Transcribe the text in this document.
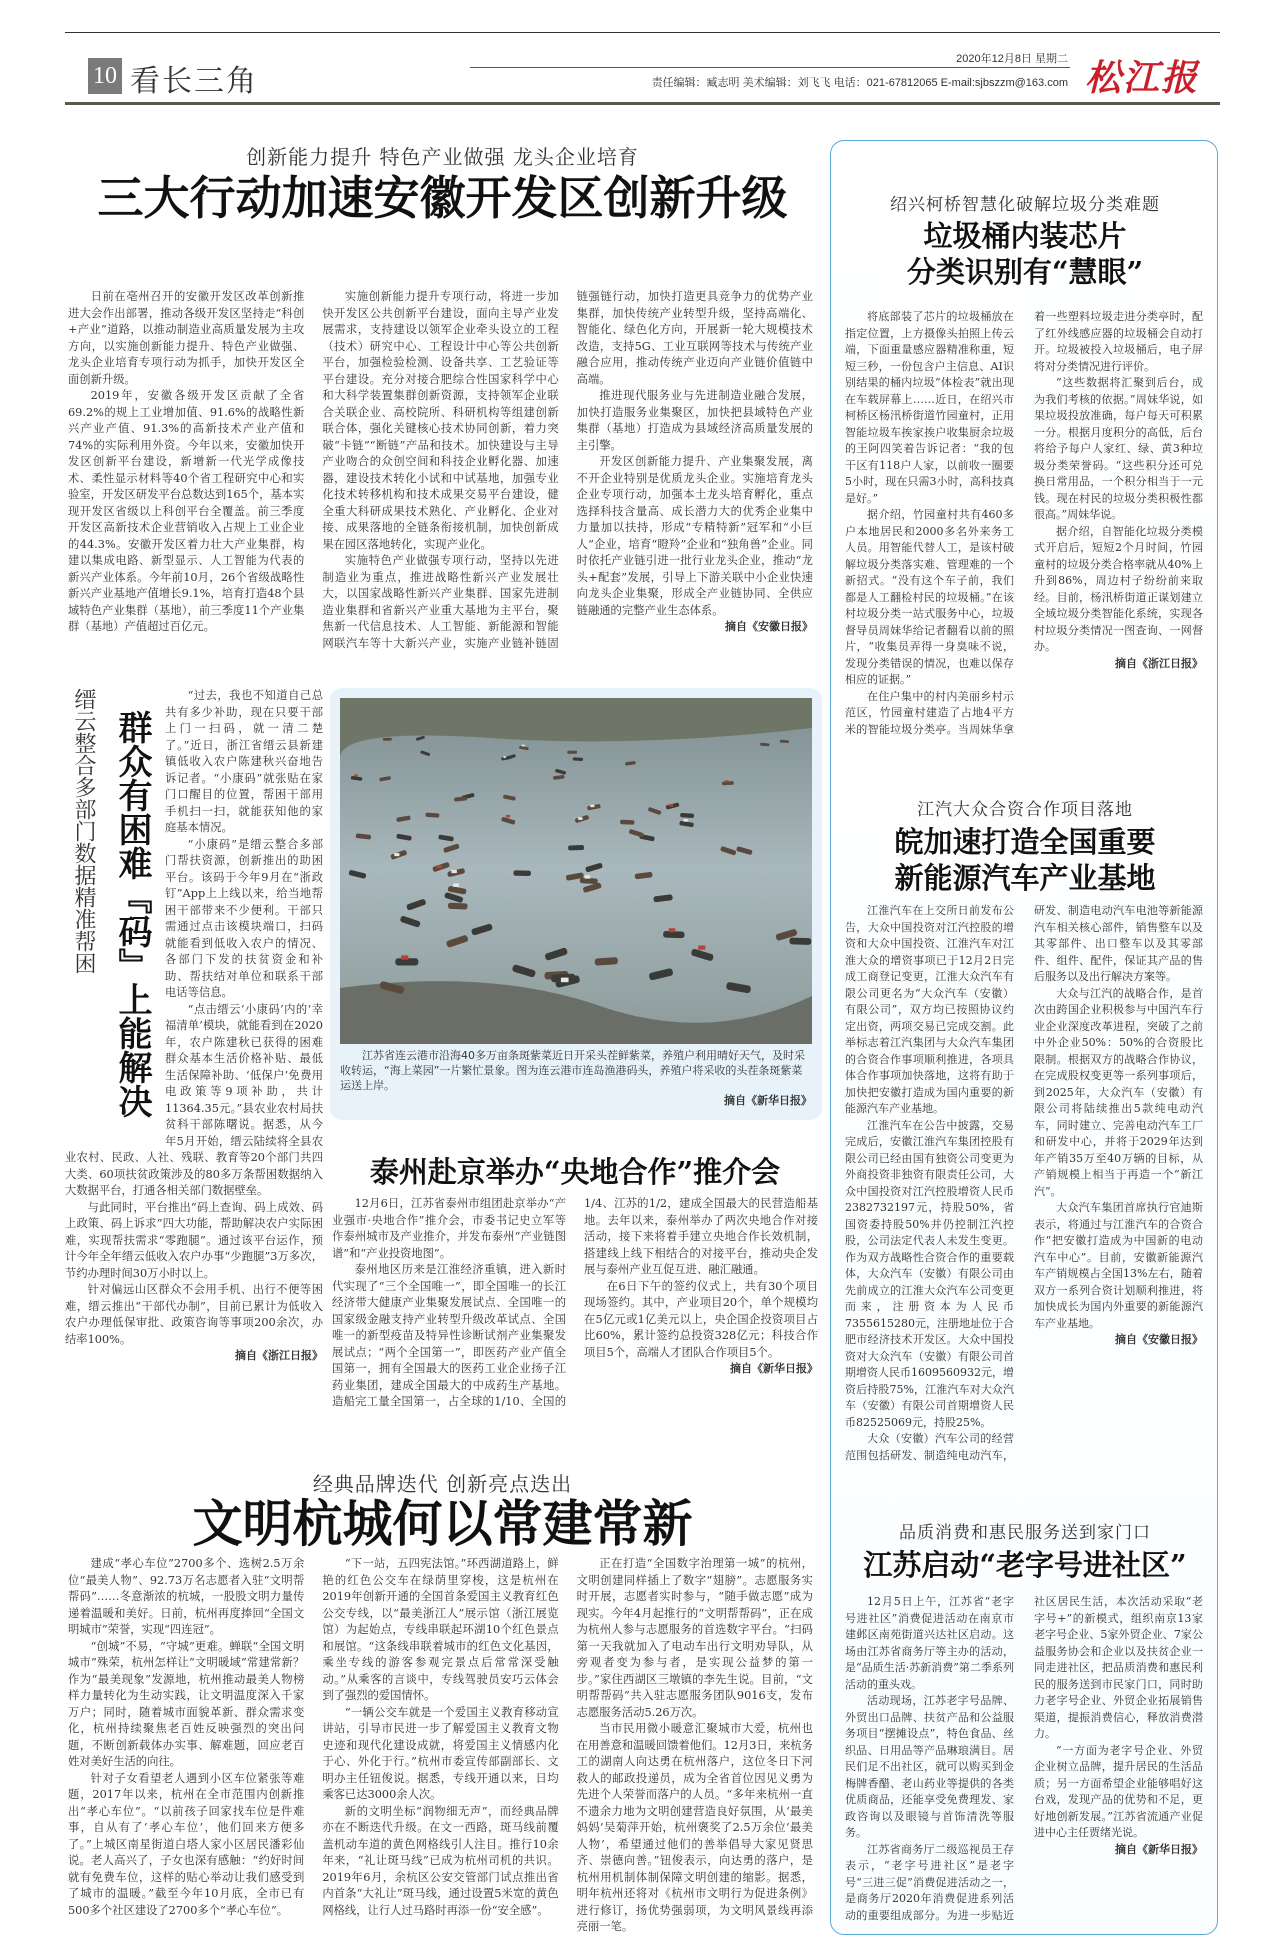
10 看长三角
2020年12月8日 星期二
责任编辑：臧志明 美术编辑：刘飞飞 电话：021-67812065 E-mail:sjbszzm@163.com 松江报
创新能力提升 特色产业做强 龙头企业培育
三大行动加速安徽开发区创新升级

日前在亳州召开的安徽开发区改革创新推进大会作出部署，推动各级开发区坚持走“科创+产业”道路，以推动制造业高质量发展为主攻方向，以实施创新能力提升、特色产业做强、龙头企业培育专项行动为抓手，加快开发区全面创新升级。

2019年，安徽各级开发区贡献了全省69.2%的规上工业增加值、91.6%的战略性新兴产业产值、91.3%的高新技术产业产值和74%的实际利用外资。今年以来，安徽加快开发区创新平台建设，新增新一代光学成像技术、柔性显示材料等40个省工程研究中心和实验室，开发区研发平台总数达到165个，基本实现开发区省级以上科创平台全覆盖。前三季度开发区高新技术企业营销收入占规上工业企业的44.3%。安徽开发区着力壮大产业集群，构建以集成电路、新型显示、人工智能为代表的新兴产业体系。今年前10月，26个省级战略性新兴产业基地产值增长9.1%，培育打造48个县域特色产业集群（基地），前三季度11个产业集群（基地）产值超过百亿元。

实施创新能力提升专项行动，将进一步加快开发区公共创新平台建设，面向主导产业发展需求，支持建设以领军企业牵头设立的工程（技术）研究中心、工程设计中心等公共创新平台，加强检验检测、设备共享、工艺验证等平台建设。充分对接合肥综合性国家科学中心和大科学装置集群创新资源，支持领军企业联合关联企业、高校院所、科研机构等组建创新联合体，强化关键核心技术协同创新，着力突破“卡链”“断链”产品和技术。加快建设与主导产业吻合的众创空间和科技企业孵化器、加速器，建设技术转化小试和中试基地，加强专业化技术转移机构和技术成果交易平台建设，健全重大科研成果技术熟化、产业孵化、企业对接、成果落地的全链条衔接机制，加快创新成果在园区落地转化，实现产业化。

实施特色产业做强专项行动，坚持以先进制造业为重点，推进战略性新兴产业发展壮大，以国家战略性新兴产业集群、国家先进制造业集群和省新兴产业重大基地为主平台，聚焦新一代信息技术、人工智能、新能源和智能网联汽车等十大新兴产业，实施产业链补链固链强链行动，加快打造更具竞争力的优势产业集群，加快传统产业转型升级，坚持高端化、智能化、绿色化方向，开展新一轮大规模技术改造，支持5G、工业互联网等技术与传统产业融合应用，推动传统产业迈向产业链价值链中高端。

推进现代服务业与先进制造业融合发展，加快打造服务业集聚区，加快把县域特色产业集群（基地）打造成为县域经济高质量发展的主引擎。

开发区创新能力提升、产业集聚发展，离不开企业特别是优质龙头企业。实施培育龙头企业专项行动，加强本土龙头培育孵化，重点选择科技含量高、成长潜力大的优秀企业集中力量加以扶持，形成“专精特新”冠军和“小巨人”企业，培育“瞪羚”企业和“独角兽”企业。同时依托产业链引进一批行业龙头企业，推动“龙头+配套”发展，引导上下游关联中小企业快速向龙头企业集聚，形成全产业链协同、全供应链融通的完整产业生态体系。

摘自《安徽日报》

缙云整合多部门数据精准帮困 群众有困难『码』上能解决

“过去，我也不知道自己总共有多少补助，现在只要干部上门一扫码，就一清二楚了。”近日，浙江省缙云县新建镇低收入农户陈建秋兴奋地告诉记者。“小康码”就张贴在家门口醒目的位置，帮困干部用手机扫一扫，就能获知他的家庭基本情况。

“小康码”是缙云整合多部门帮扶资源，创新推出的助困平台。该码于今年9月在“浙政钉”App上上线以来，给当地帮困干部带来不少便利。干部只需通过点击该模块端口，扫码就能看到低收入农户的情况、各部门下发的扶贫资金和补助、帮扶结对单位和联系干部电话等信息。

“点击缙云‘小康码’内的‘幸福清单’模块，就能看到在2020年，农户陈建秋已获得的困难群众基本生活价格补贴、最低生活保障补助、‘低保户’免费用电政策等9项补助，共计11364.35元。”县农业农村局扶贫科干部陈曙说。据悉，从今年5月开始，缙云陆续将全县农业农村、民政、人社、残联、教育等20个部门共四大类、60项扶贫政策涉及的80多万条帮困数据纳入大数据平台，打通各相关部门数据壁垒。

与此同时，平台推出“码上查询、码上成效、码上政策、码上诉求”四大功能，帮助解决农户实际困难，实现帮扶需求“零跑腿”。通过该平台运作，预计今年全年缙云低收入农户办事“少跑腿”3万多次，节约办理时间30万小时以上。

针对偏远山区群众不会用手机、出行不便等困难，缙云推出“干部代办制”，目前已累计为低收入农户办理低保审批、政策咨询等事项200余次，办结率100%。

摘自《浙江日报》

江苏省连云港市沿海40多万亩条斑紫菜近日开采头茬鲜紫菜，养殖户利用晴好天气，及时采收转运，“海上菜园”一片繁忙景象。图为连云港市连岛渔港码头，养殖户将采收的头茬条斑紫菜运送上岸。
摘自《新华日报》
泰州赴京举办“央地合作”推介会

12月6日，江苏省泰州市组团赴京举办“产业强市·央地合作”推介会，市委书记史立军等作泰州城市及产业推介，并发布泰州“产业链图谱”和“产业投资地图”。

泰州地区历来是江淮经济重镇，进入新时代实现了“三个全国唯一”，即全国唯一的长江经济带大健康产业集聚发展试点、全国唯一的国家级金融支持产业转型升级改革试点、全国唯一的新型疫苗及特异性诊断试剂产业集聚发展试点；“两个全国第一”，即医药产业产值全国第一，拥有全国最大的医药工业企业扬子江药业集团，建成全国最大的中成药生产基地。造船完工量全国第一，占全球的1/10、全国的1/4、江苏的1/2，建成全国最大的民营造船基地。去年以来，泰州举办了两次央地合作对接活动，接下来将着手建立央地合作长效机制，搭建线上线下相结合的对接平台，推动央企发展与泰州产业互促互进、融汇融通。

在6日下午的签约仪式上，共有30个项目现场签约。其中，产业项目20个，单个规模均在5亿元或1亿美元以上，央企国企投资项目占比60%，累计签约总投资328亿元；科技合作项目5个，高端人才团队合作项目5个。

摘自《新华日报》

经典品牌迭代 创新亮点迭出
文明杭城何以常建常新

建成“孝心车位”2700多个、选树2.5万余位“最美人物”、92.73万名志愿者入驻“文明帮帮码”……冬意渐浓的杭城，一股股文明力量传递着温暖和美好。日前，杭州再度捧回“全国文明城市”荣誉，实现“四连冠”。

“创城”不易，“守城”更难。蝉联“全国文明城市”殊荣，杭州怎样让“文明暖域”常建常新？作为“最美现象”发源地，杭州推动最美人物榜样力量转化为生动实践，让文明温度深入千家万户；同时，随着城市面貌革新、群众需求变化，杭州持续聚焦老百姓反映强烈的突出问题，不断创新载体办实事、解难题，回应老百姓对美好生活的向往。

针对子女看望老人遇到小区车位紧张等难题，2017年以来，杭州在全市范围内创新推出“孝心车位”。“以前孩子回家找车位是件难事，自从有了‘孝心车位’，他们回来方便多了。”上城区南星街道白塔人家小区居民潘彩仙说。老人高兴了，子女也深有感触：“约好时间就有免费车位，这样的贴心举动让我们感受到了城市的温暖。”截至今年10月底，全市已有500多个社区建设了2700多个“孝心车位”。

“下一站，五四宪法馆。”环西湖道路上，鲜艳的红色公交车在绿荫里穿梭，这是杭州在2019年创新开通的全国首条爱国主义教育红色公交专线，以“最美浙江人”展示馆（浙江展览馆）为起始点，专线串联起环湖10个红色景点和展馆。“这条线串联着城市的红色文化基因，乘坐专线的游客参观完景点后常常深受触动。”从乘客的言谈中，专线驾驶员安巧云体会到了强烈的爱国情怀。

“一辆公交车就是一个爱国主义教育移动宣讲站，引导市民进一步了解爱国主义教育文物史迹和现代化建设成就，将爱国主义情感内化于心、外化于行。”杭州市委宣传部副部长、文明办主任钮俊说。据悉，专线开通以来，日均乘客已达3000余人次。

新的文明坐标“润物细无声”，而经典品牌亦在不断迭代升级。在文一西路，斑马线前覆盖机动车道的黄色网格线引人注目。推行10余年来，“礼让斑马线”已成为杭州司机的共识。2019年6月，余杭区公安交管部门试点推出省内首条“大礼让”斑马线，通过设置5米宽的黄色网格线，让行人过马路时再添一份“安全感”。

正在打造“全国数字治理第一城”的杭州，文明创建同样插上了数字“翅膀”。志愿服务实时开展，志愿者实时参与，“随手做志愿”成为现实。今年4月起推行的“文明帮帮码”，正在成为杭州人参与志愿服务的首选数字平台。“扫码第一天我就加入了电动车出行文明劝导队，从旁观者变为参与者，是实现公益梦的第一步。”家住西湖区三墩镇的李先生说。目前，“文明帮帮码”共入驻志愿服务团队9016支，发布志愿服务活动5.26万次。

当市民用微小暖意汇聚城市大爱，杭州也在用善意和温暖回馈着他们。12月3日，来杭务工的湖南人向达勇在杭州落户，这位冬日下河救人的邮政投递员，成为全省首位因见义勇为先进个人荣誉而落户的人员。“多年来杭州一直不遗余力地为文明创建营造良好氛围，从‘最美妈妈’吴菊萍开始，杭州褒奖了2.5万余位‘最美人物’，希望通过他们的善举倡导大家见贤思齐、崇德向善。”钮俊表示，向达勇的落户，是杭州用机制体制保障文明创建的缩影。据悉，明年杭州还将对《杭州市文明行为促进条例》进行修订，扬优势强弱项，为文明风景线再添亮丽一笔。

绍兴柯桥智慧化破解垃圾分类难题
垃圾桶内装芯片
分类识别有“慧眼”

将底部装了芯片的垃圾桶放在指定位置，上方摄像头拍照上传云端，下面重量感应器精准称重，短短三秒，一份包含户主信息、AI识别结果的桶内垃圾“体检表”就出现在车载屏幕上……近日，在绍兴市柯桥区杨汛桥街道竹园童村，正用智能垃圾车挨家挨户收集厨余垃圾的王阿四笑着告诉记者：“我的包干区有118户人家，以前收一圈要5小时，现在只需3小时，高科技真是好。”

据介绍，竹园童村共有460多户本地居民和2000多名外来务工人员。用智能代替人工，是该村破解垃圾分类落实难、管理难的一个新招式。“没有这个车子前，我们都是人工翻检村民的垃圾桶。”在该村垃圾分类一站式服务中心，垃圾督导员周妹华给记者翻看以前的照片，“收集员弄得一身臭味不说，发现分类错误的情况，也难以保存相应的证据。”

在住户集中的村内美丽乡村示范区，竹园童村建造了占地4平方米的智能垃圾分类亭。当周妹华拿着一些塑料垃圾走进分类亭时，配了红外线感应器的垃圾桶会自动打开。垃圾被投入垃圾桶后，电子屏将对分类情况进行评价。

“这些数据将汇聚到后台，成为我们考核的依据。”周妹华说，如果垃圾投放准确，每户每天可积累一分。根据月度积分的高低，后台将给予每户人家红、绿、黄3种垃圾分类荣誉码。“这些积分还可兑换日常用品，一个积分相当于一元钱。现在村民的垃圾分类积极性都很高。”周妹华说。

据介绍，自智能化垃圾分类模式开启后，短短2个月时间，竹园童村的垃圾分类合格率就从40%上升到86%，周边村子纷纷前来取经。目前，杨汛桥街道正谋划建立全域垃圾分类智能化系统，实现各村垃圾分类情况一图查询、一网督办。

摘自《浙江日报》

江汽大众合资合作项目落地
皖加速打造全国重要
新能源汽车产业基地

江淮汽车在上交所日前发布公告，大众中国投资对江汽控股的增资和大众中国投资、江淮汽车对江淮大众的增资事项已于12月2日完成工商登记变更，江淮大众汽车有限公司更名为“大众汽车（安徽）有限公司”，双方均已按照协议约定出资，两项交易已完成交割。此举标志着江汽集团与大众汽车集团的合资合作事项顺利推进，各项具体合作事项加快落地，这将有助于加快把安徽打造成为国内重要的新能源汽车产业基地。

江淮汽车在公告中披露，交易完成后，安徽江淮汽车集团控股有限公司已经由国有独资公司变更为外商投资非独资有限责任公司，大众中国投资对江汽控股增资人民币2382732197元，持股50%，省国资委持股50%并仍控制江汽控股，公司法定代表人未发生变更。作为双方战略性合资合作的重要载体，大众汽车（安徽）有限公司由先前成立的江淮大众汽车公司变更而来，注册资本为人民币7355615280元，注册地址位于合肥市经济技术开发区。大众中国投资对大众汽车（安徽）有限公司首期增资人民币1609560932元，增资后持股75%，江淮汽车对大众汽车（安徽）有限公司首期增资人民币82525069元，持股25%。

大众（安徽）汽车公司的经营范围包括研发、制造纯电动汽车，研发、制造电动汽车电池等新能源汽车相关核心部件，销售整车以及其零部件、出口整车以及其零部件、组件、配件，保证其产品的售后服务以及出行解决方案等。

大众与江汽的战略合作，是首次由跨国企业积极参与中国汽车行业企业深度改革进程，突破了之前中外企业50%：50%的合资股比限制。根据双方的战略合作协议，在完成股权变更等一系列事项后，到2025年，大众汽车（安徽）有限公司将陆续推出5款纯电动汽车，同时建立、完善电动汽车工厂和研发中心，并将于2029年达到年产销35万至40万辆的目标，从产销规模上相当于再造一个“新江汽”。

大众汽车集团首席执行官迪斯表示，将通过与江淮汽车的合资合作“把安徽打造成为中国新的电动汽车中心”。目前，安徽新能源汽车产销规模占全国13%左右，随着双方一系列合资计划顺利推进，将加快成长为国内外重要的新能源汽车产业基地。

摘自《安徽日报》

品质消费和惠民服务送到家门口
江苏启动“老字号进社区”

12月5日上午，江苏省“老字号进社区”消费促进活动在南京市建邺区南苑街道兴达社区启动。这场由江苏省商务厅等主办的活动，是“品质生活·苏新消费”第二季系列活动的重头戏。

活动现场，江苏老字号品牌、外贸出口品牌、扶贫产品和公益服务项目“摆摊设点”，特色食品、丝织品、日用品等产品琳琅满目。居民们足不出社区，就可以购买到金梅牌香醋、老山药业等提供的各类优质商品，还能享受免费理发、家政咨询以及眼镜与首饰清洗等服务。

江苏省商务厅二级巡视员王存表示，“老字号进社区”是老字号“三进三促”消费促进活动之一，是商务厅2020年消费促进系列活动的重要组成部分。为进一步贴近社区居民生活，本次活动采取“老字号+”的新模式，组织南京13家老字号企业、5家外贸企业、7家公益服务协会和企业以及扶贫企业一同走进社区，把品质消费和惠民利民的服务送到市民家门口，同时助力老字号企业、外贸企业拓展销售渠道，提振消费信心，释放消费潜力。

“一方面为老字号企业、外贸企业树立品牌，提升居民的生活品质；另一方面希望企业能够唱好这台戏，发现产品的优势和不足，更好地创新发展。”江苏省流通产业促进中心主任贾绪光说。

摘自《新华日报》
